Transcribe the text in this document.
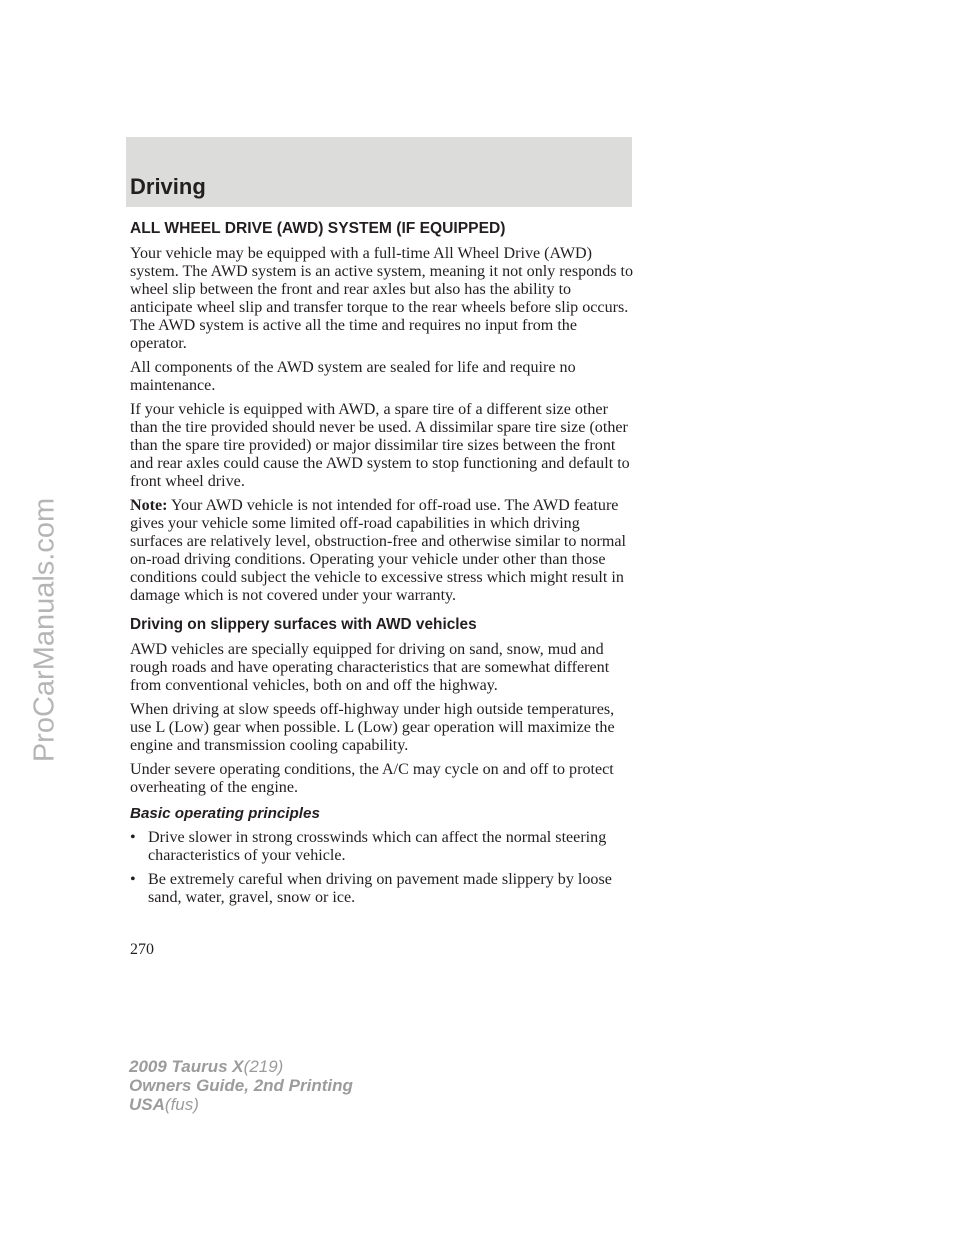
Driving
ALL WHEEL DRIVE (AWD) SYSTEM (IF EQUIPPED)

Your vehicle may be equipped with a full-time All Wheel Drive (AWD) system. The AWD system is an active system, meaning it not only responds to wheel slip between the front and rear axles but also has the ability to anticipate wheel slip and transfer torque to the rear wheels before slip occurs. The AWD system is active all the time and requires no input from the operator.

All components of the AWD system are sealed for life and require no maintenance.

If your vehicle is equipped with AWD, a spare tire of a different size other than the tire provided should never be used. A dissimilar spare tire size (other than the spare tire provided) or major dissimilar tire sizes between the front and rear axles could cause the AWD system to stop functioning and default to front wheel drive.

Note: Your AWD vehicle is not intended for off-road use. The AWD feature gives your vehicle some limited off-road capabilities in which driving surfaces are relatively level, obstruction-free and otherwise similar to normal on-road driving conditions. Operating your vehicle under other than those conditions could subject the vehicle to excessive stress which might result in damage which is not covered under your warranty.

Driving on slippery surfaces with AWD vehicles

AWD vehicles are specially equipped for driving on sand, snow, mud and rough roads and have operating characteristics that are somewhat different from conventional vehicles, both on and off the highway.

When driving at slow speeds off-highway under high outside temperatures, use L (Low) gear when possible. L (Low) gear operation will maximize the engine and transmission cooling capability.

Under severe operating conditions, the A/C may cycle on and off to protect overheating of the engine.

Basic operating principles
• Drive slower in strong crosswinds which can affect the normal steering characteristics of your vehicle.
• Be extremely careful when driving on pavement made slippery by loose sand, water, gravel, snow or ice.
270
2009 Taurus X(219)
Owners Guide, 2nd Printing
USA(fus)
ProCarManuals.com
